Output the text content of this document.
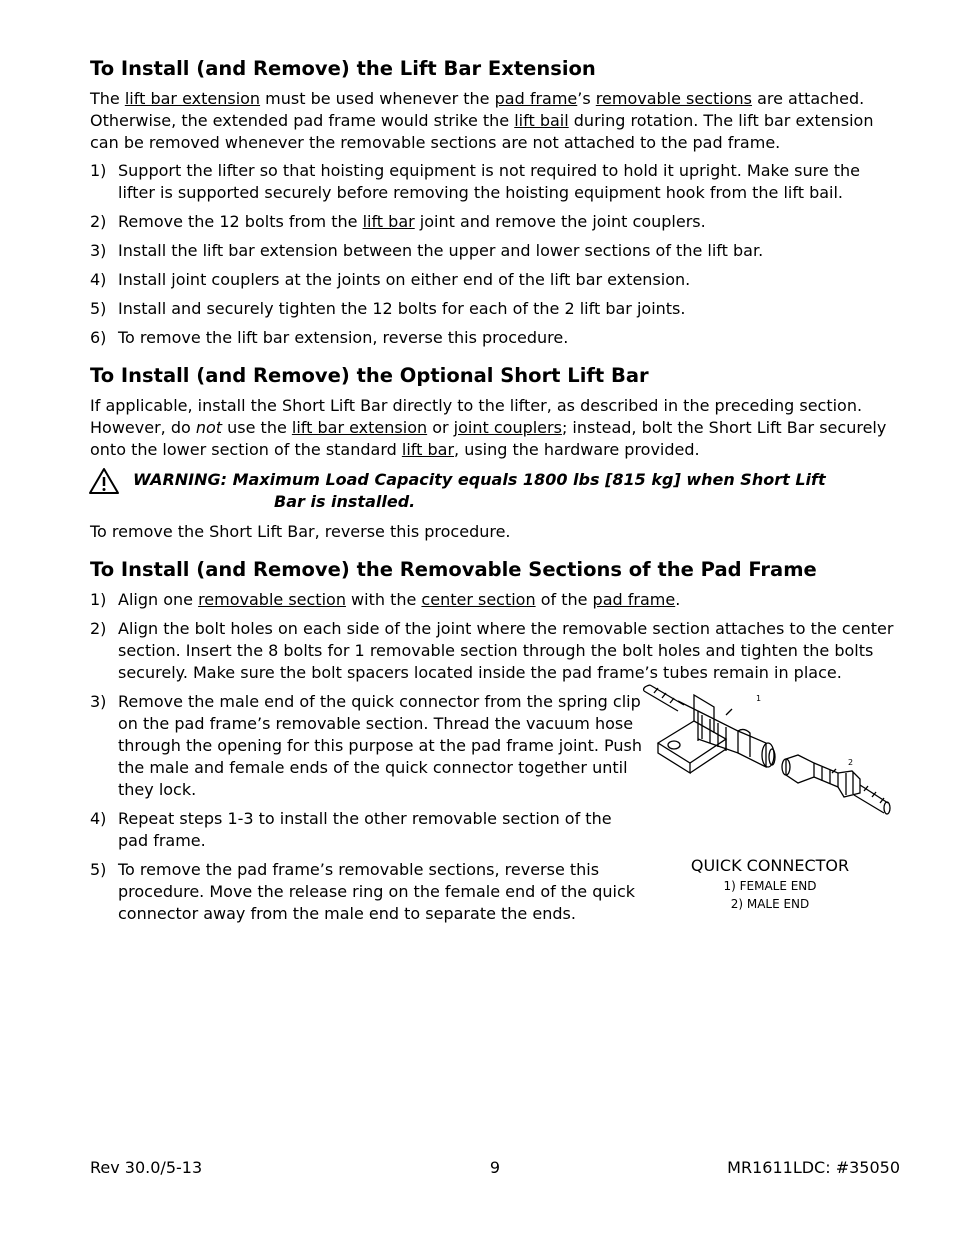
To Install (and Remove) the Lift Bar Extension

The lift bar extension must be used whenever the pad frame’s removable sections are attached. Otherwise, the extended pad frame would strike the lift bail during rotation. The lift bar extension can be removed whenever the removable sections are not attached to the pad frame.

1) Support the lifter so that hoisting equipment is not required to hold it upright. Make sure the lifter is supported securely before removing the hoisting equipment hook from the lift bail.
2) Remove the 12 bolts from the lift bar joint and remove the joint couplers.
3) Install the lift bar extension between the upper and lower sections of the lift bar.
4) Install joint couplers at the joints on either end of the lift bar extension.
5) Install and securely tighten the 12 bolts for each of the 2 lift bar joints.
6) To remove the lift bar extension, reverse this procedure.
To Install (and Remove) the Optional Short Lift Bar

If applicable, install the Short Lift Bar directly to the lifter, as described in the preceding section. However, do not use the lift bar extension or joint couplers; instead, bolt the Short Lift Bar securely onto the lower section of the standard lift bar, using the hardware provided.

WARNING: Maximum Load Capacity equals 1800 lbs [815 kg] when Short Lift
Bar is installed.

To remove the Short Lift Bar, reverse this procedure.

To Install (and Remove) the Removable Sections of the Pad Frame
1) Align one removable section with the center section of the pad frame.
2) Align the bolt holes on each side of the joint where the removable section attaches to the center section. Insert the 8 bolts for 1 removable section through the bolt holes and tighten the bolts securely. Make sure the bolt spacers located inside the pad frame’s tubes remain in place.
3) Remove the male end of the quick connector from the spring clip on the pad frame’s removable section. Thread the vacuum hose through the opening for this purpose at the pad frame joint. Push the male and female ends of the quick connector together until they lock.
4) Repeat steps 1-3 to install the other removable section of the pad frame.
5) To remove the pad frame’s removable sections, reverse this procedure. Move the release ring on the female end of the quick connector away from the male end to separate the ends.
1
2
QUICK CONNECTOR
1) FEMALE END
2) MALE END
Rev 30.0/5-13	9	MR1611LDC: #35050
